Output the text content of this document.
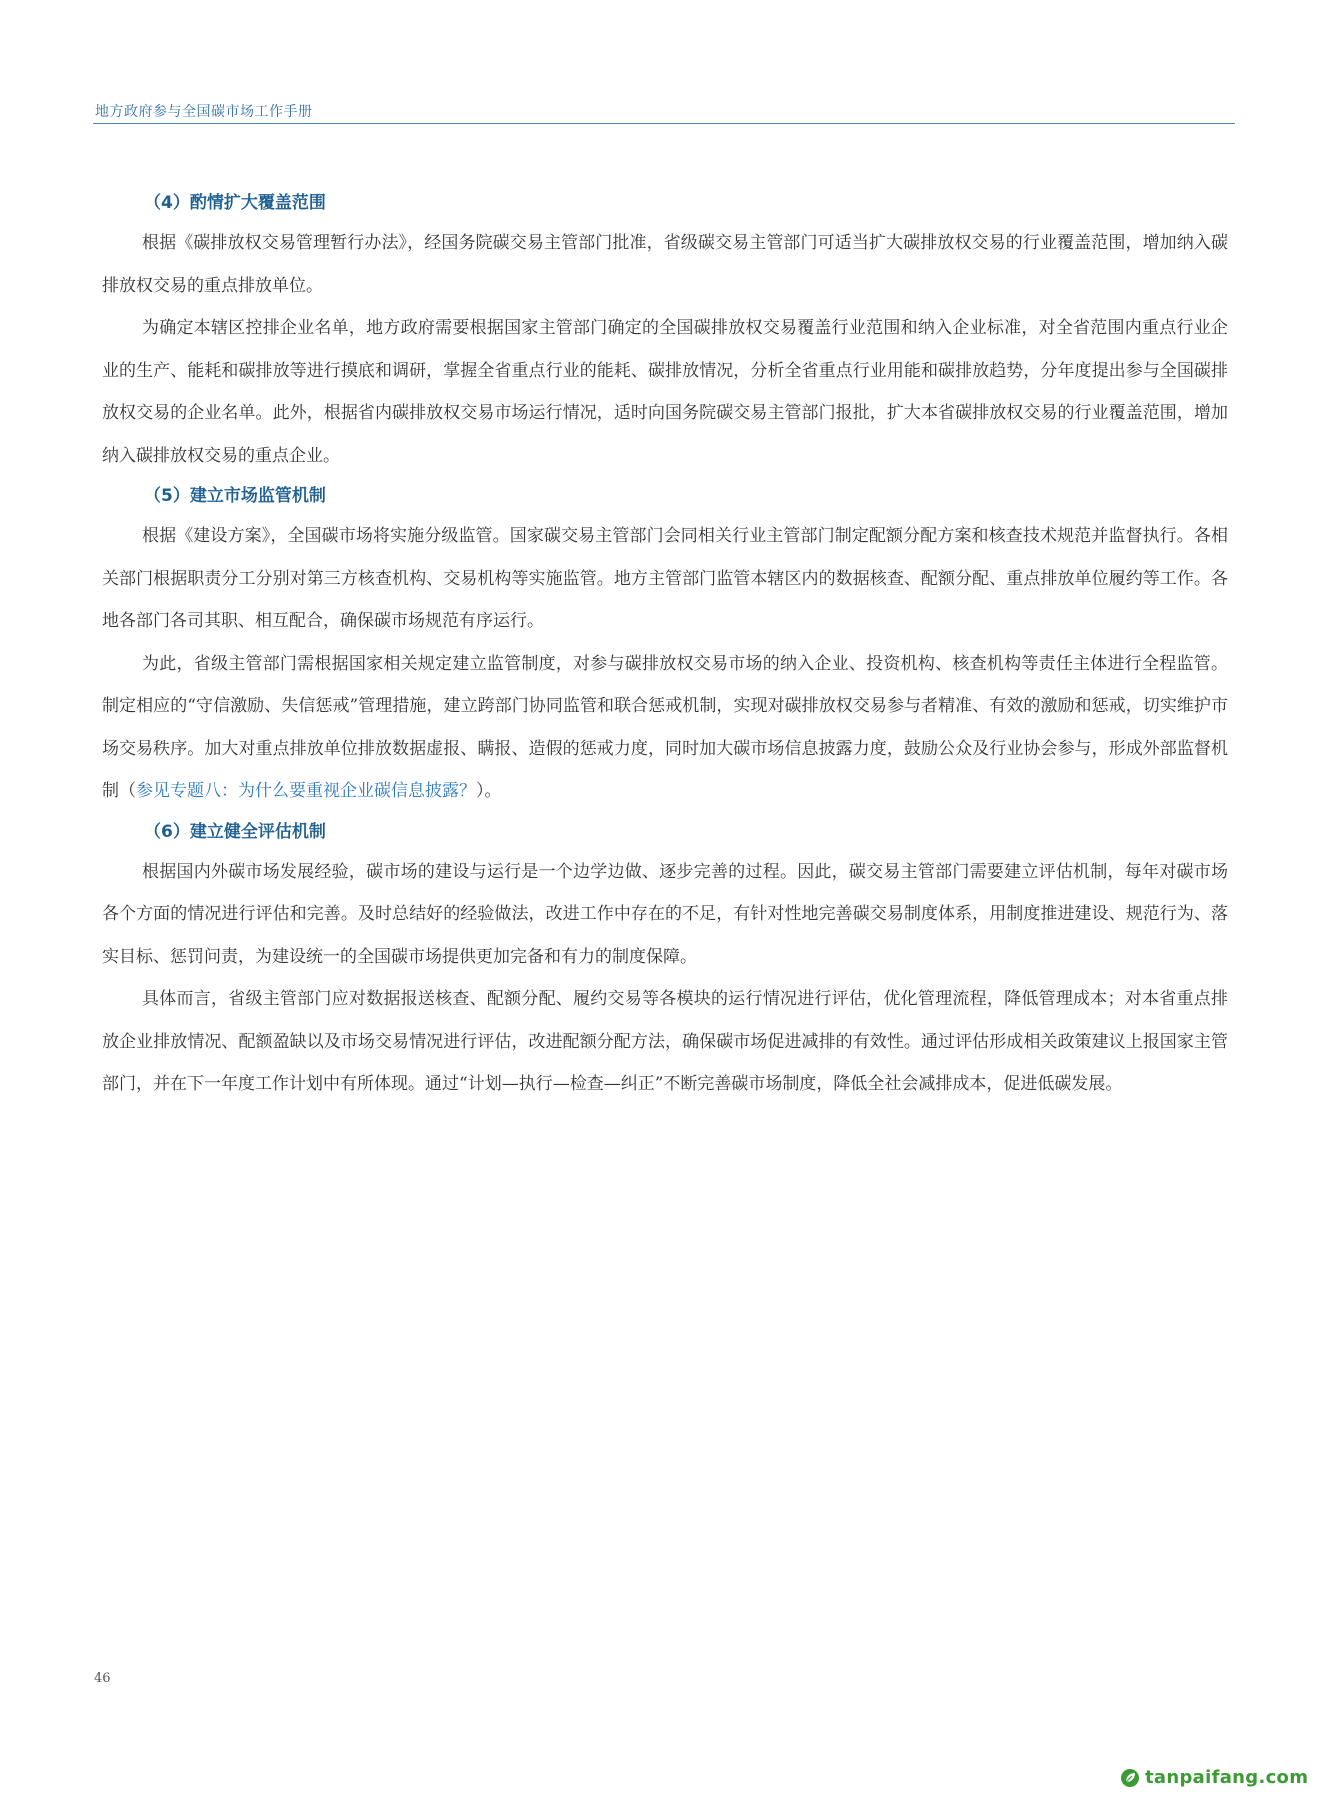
地方政府参与全国碳市场工作手册
（4）酌情扩大覆盖范围

根据《碳排放权交易管理暂行办法》，经国务院碳交易主管部门批准，省级碳交易主管部门可适当扩大碳排放权交易的行业覆盖范围，增加纳入碳排放权交易的重点排放单位。

为确定本辖区控排企业名单，地方政府需要根据国家主管部门确定的全国碳排放权交易覆盖行业范围和纳入企业标准，对全省范围内重点行业企业的生产、能耗和碳排放等进行摸底和调研，掌握全省重点行业的能耗、碳排放情况，分析全省重点行业用能和碳排放趋势，分年度提出参与全国碳排放权交易的企业名单。此外，根据省内碳排放权交易市场运行情况，适时向国务院碳交易主管部门报批，扩大本省碳排放权交易的行业覆盖范围，增加纳入碳排放权交易的重点企业。

（5）建立市场监管机制

根据《建设方案》，全国碳市场将实施分级监管。国家碳交易主管部门会同相关行业主管部门制定配额分配方案和核查技术规范并监督执行。各相关部门根据职责分工分别对第三方核查机构、交易机构等实施监管。地方主管部门监管本辖区内的数据核查、配额分配、重点排放单位履约等工作。各地各部门各司其职、相互配合，确保碳市场规范有序运行。

为此，省级主管部门需根据国家相关规定建立监管制度，对参与碳排放权交易市场的纳入企业、投资机构、核查机构等责任主体进行全程监管。制定相应的“守信激励、失信惩戒”管理措施，建立跨部门协同监管和联合惩戒机制，实现对碳排放权交易参与者精准、有效的激励和惩戒，切实维护市场交易秩序。加大对重点排放单位排放数据虚报、瞒报、造假的惩戒力度，同时加大碳市场信息披露力度，鼓励公众及行业协会参与，形成外部监督机制（参见专题八：为什么要重视企业碳信息披露？）。

（6）建立健全评估机制

根据国内外碳市场发展经验，碳市场的建设与运行是一个边学边做、逐步完善的过程。因此，碳交易主管部门需要建立评估机制，每年对碳市场各个方面的情况进行评估和完善。及时总结好的经验做法，改进工作中存在的不足，有针对性地完善碳交易制度体系，用制度推进建设、规范行为、落实目标、惩罚问责，为建设统一的全国碳市场提供更加完备和有力的制度保障。

具体而言，省级主管部门应对数据报送核查、配额分配、履约交易等各模块的运行情况进行评估，优化管理流程，降低管理成本；对本省重点排放企业排放情况、配额盈缺以及市场交易情况进行评估，改进配额分配方法，确保碳市场促进减排的有效性。通过评估形成相关政策建议上报国家主管部门，并在下一年度工作计划中有所体现。通过“计划—执行—检查—纠正”不断完善碳市场制度，降低全社会减排成本，促进低碳发展。

46
tanpaifang.com
